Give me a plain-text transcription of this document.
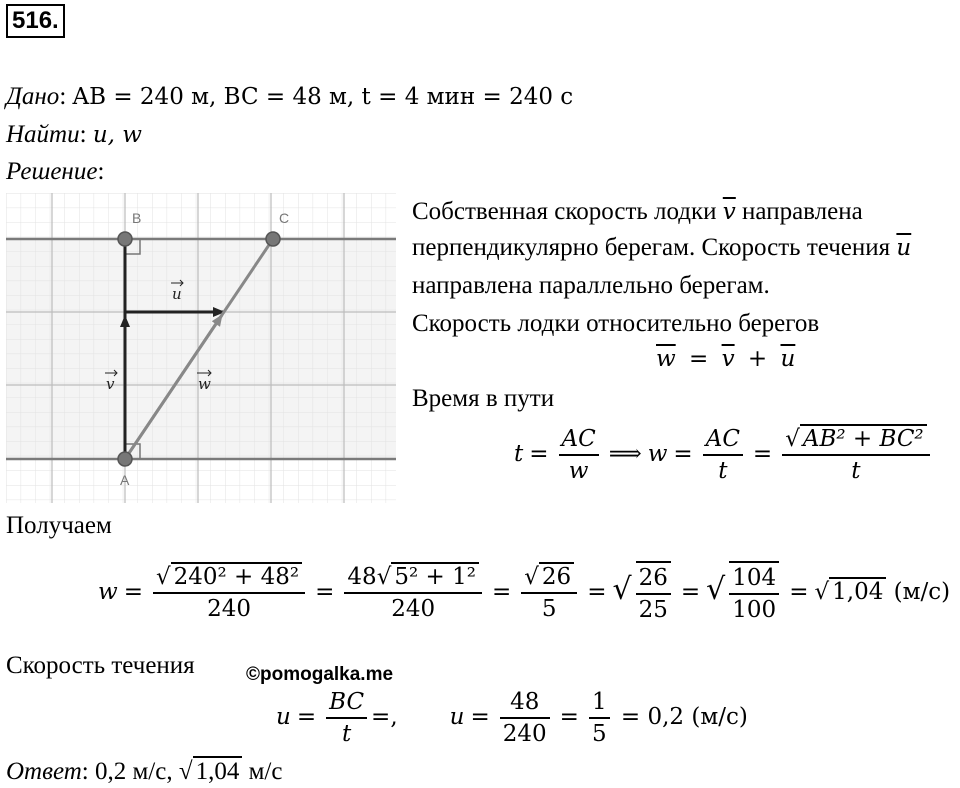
516.
Дано: AB = 240 м, BC = 48 м, t = 4 мин = 240 с
Найти: u, w
Решение:
B	C
A
u
v	w
Собственная скорость лодки $\overline{v}$ направлена
перпендикулярно берегам. Скорость течения $\overline{u}$
направлена параллельно берегам.
Скорость лодки относительно берегов
$\overline{w} = \overline{v} + \overline{u}$
Время в пути
$t = \frac{AC}{w}$ ⟹ $w = \frac{AC}{t} = \frac{\text{√ AB² + BC²}}{t}$
Получаем
$w = \frac{\text{√ 240² + 48²}}{240} = \frac{\text{48√ 5² + 1²}}{240} = \frac{√ 26}{5}$ = √ $\frac{26}{25}$ = √ $\frac{104}{100}$ = √ 1,04 (м/с)
Скорость течения	©pomogalka.me
$u = \frac{BC}{t}$ =, $u = \frac{48}{240} = \frac{1}{5} = 0,2$ (м/с)
Ответ: 0,2 м/с, √ 1,04 м/с
